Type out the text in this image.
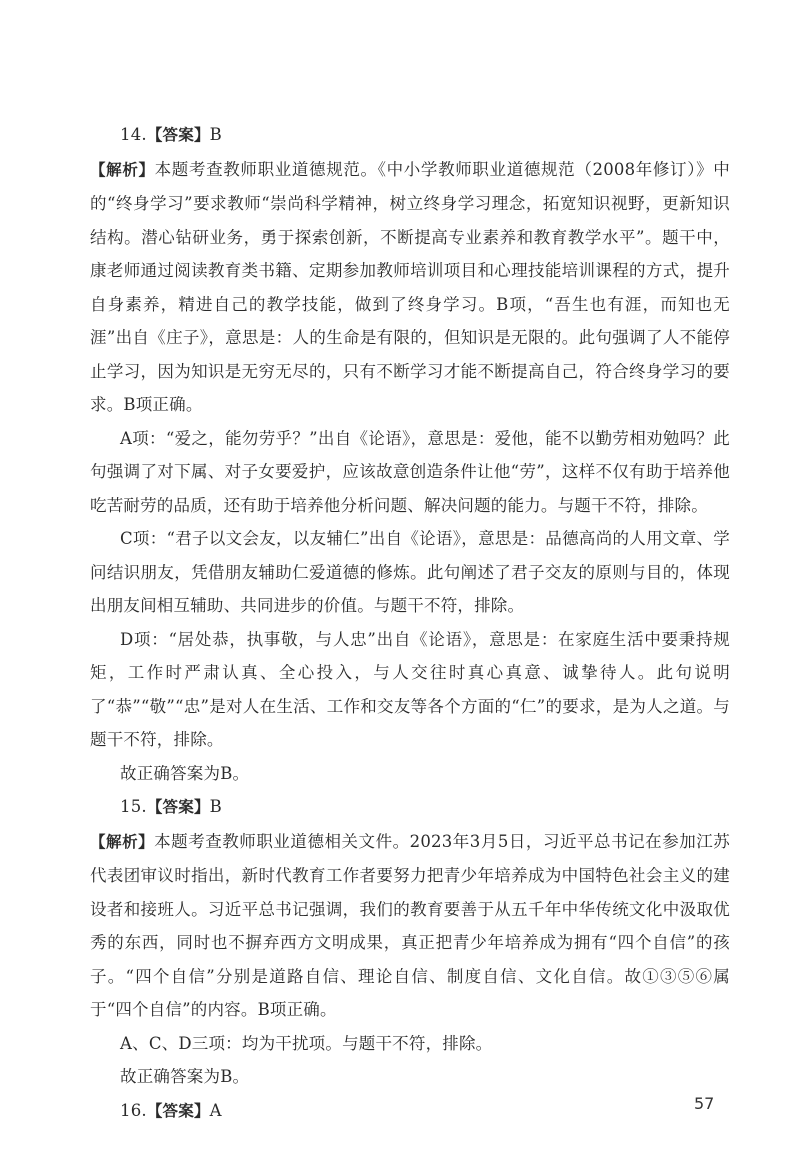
14.【答案】B

【解析】本题考查教师职业道德规范。《中小学教师职业道德规范（2008年修订）》中的“终身学习”要求教师“崇尚科学精神，树立终身学习理念，拓宽知识视野，更新知识结构。潜心钻研业务，勇于探索创新，不断提高专业素养和教育教学水平”。题干中，康老师通过阅读教育类书籍、定期参加教师培训项目和心理技能培训课程的方式，提升自身素养，精进自己的教学技能，做到了终身学习。B项，“吾生也有涯，而知也无涯”出自《庄子》，意思是：人的生命是有限的，但知识是无限的。此句强调了人不能停止学习，因为知识是无穷无尽的，只有不断学习才能不断提高自己，符合终身学习的要求。B项正确。

A项：“爱之，能勿劳乎？”出自《论语》，意思是：爱他，能不以勤劳相劝勉吗？此句强调了对下属、对子女要爱护，应该故意创造条件让他“劳”，这样不仅有助于培养他吃苦耐劳的品质，还有助于培养他分析问题、解决问题的能力。与题干不符，排除。

C项：“君子以文会友，以友辅仁”出自《论语》，意思是：品德高尚的人用文章、学问结识朋友，凭借朋友辅助仁爱道德的修炼。此句阐述了君子交友的原则与目的，体现出朋友间相互辅助、共同进步的价值。与题干不符，排除。

D项：“居处恭，执事敬，与人忠”出自《论语》，意思是：在家庭生活中要秉持规矩，工作时严肃认真、全心投入，与人交往时真心真意、诚挚待人。此句说明了“恭”“敬”“忠”是对人在生活、工作和交友等各个方面的“仁”的要求，是为人之道。与题干不符，排除。

故正确答案为B。

15.【答案】B

【解析】本题考查教师职业道德相关文件。2023年3月5日，习近平总书记在参加江苏代表团审议时指出，新时代教育工作者要努力把青少年培养成为中国特色社会主义的建设者和接班人。习近平总书记强调，我们的教育要善于从五千年中华传统文化中汲取优秀的东西，同时也不摒弃西方文明成果，真正把青少年培养成为拥有“四个自信”的孩子。“四个自信”分别是道路自信、理论自信、制度自信、文化自信。故①③⑤⑥属于“四个自信”的内容。B项正确。

A、C、D三项：均为干扰项。与题干不符，排除。

故正确答案为B。

16.【答案】A	57
